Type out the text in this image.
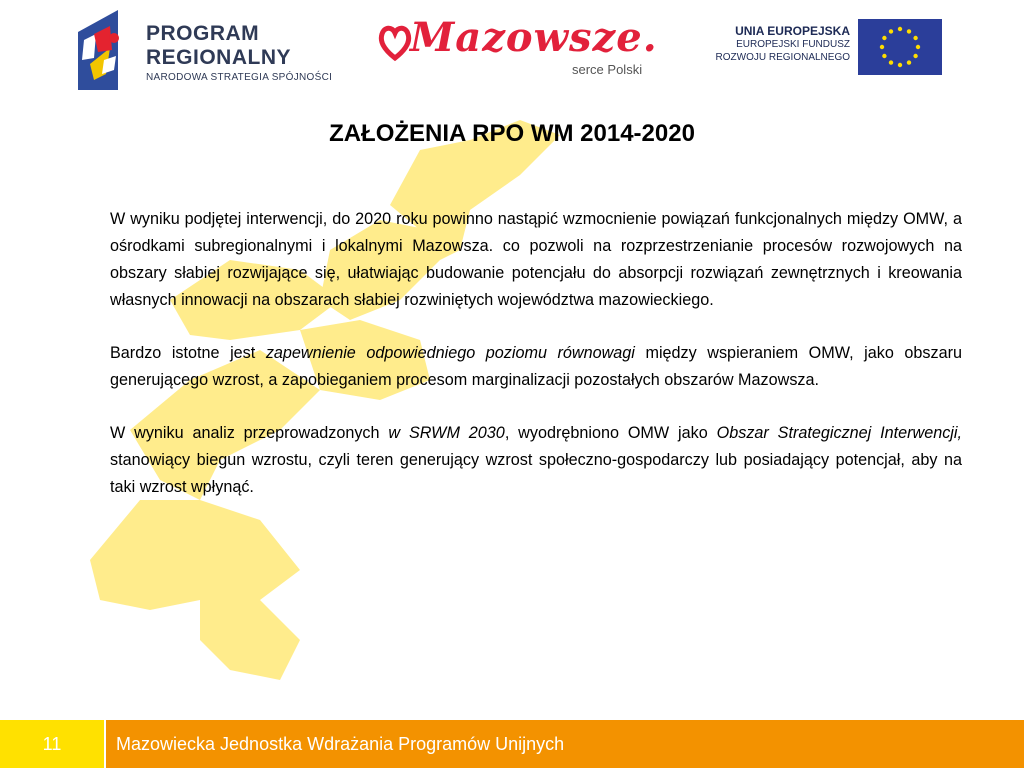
PROGRAM
REGIONALNY
NARODOWA STRATEGIA SPÓJNOŚCI
Mazowsze.
serce Polski
UNIA EUROPEJSKA
EUROPEJSKI FUNDUSZ
ROZWOJU REGIONALNEGO
ZAŁOŻENIA RPO WM 2014-2020

W wyniku podjętej interwencji, do 2020 roku powinno nastąpić wzmocnienie powiązań funkcjonalnych między OMW, a ośrodkami subregionalnymi i lokalnymi Mazowsza. co pozwoli na rozprzestrzenianie procesów rozwojowych na obszary słabiej rozwijające się, ułatwiając budowanie potencjału do absorpcji rozwiązań zewnętrznych i kreowania własnych innowacji na obszarach słabiej rozwiniętych województwa mazowieckiego.

Bardzo istotne jest zapewnienie odpowiedniego poziomu równowagi między wspieraniem OMW, jako obszaru generującego wzrost, a zapobieganiem procesom marginalizacji pozostałych obszarów Mazowsza.

W wyniku analiz przeprowadzonych w SRWM 2030, wyodrębniono OMW jako Obszar Strategicznej Interwencji, stanowiący biegun wzrostu, czyli teren generujący wzrost społeczno-gospodarczy lub posiadający potencjał, aby na taki wzrost wpłynąć.

11	Mazowiecka Jednostka Wdrażania Programów Unijnych
